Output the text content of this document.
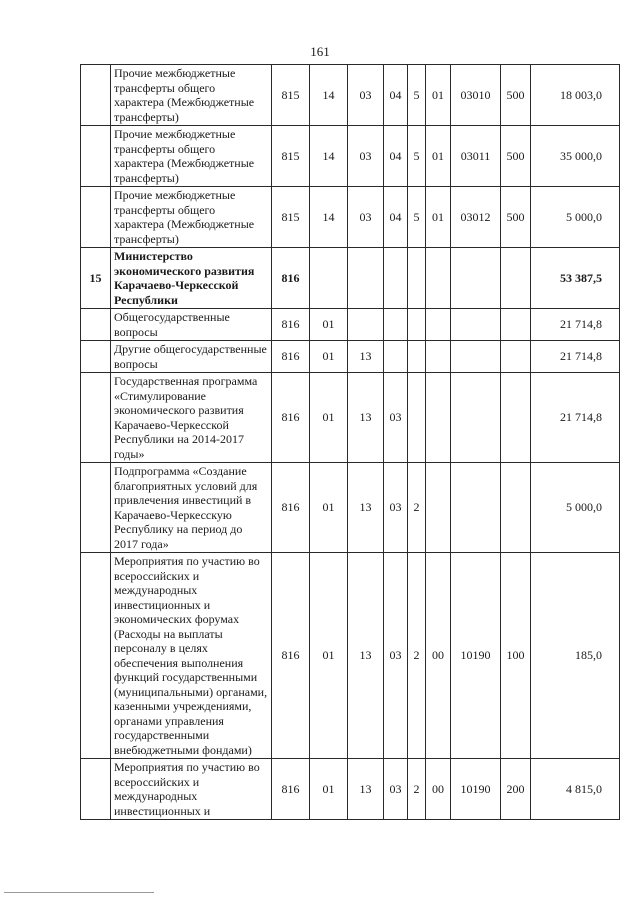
161
	Прочие межбюджетные трансферты общего характера (Межбюджетные трансферты)	815	14	03	04	5	01	03010	500	18 003,0
	Прочие межбюджетные трансферты общего характера (Межбюджетные трансферты)	815	14	03	04	5	01	03011	500	35 000,0
	Прочие межбюджетные трансферты общего характера (Межбюджетные трансферты)	815	14	03	04	5	01	03012	500	5 000,0
15	Министерство экономического развития Карачаево-Черкесской Республики	816								53 387,5
	Общегосударственные вопросы	816	01							21 714,8
	Другие общегосударственные вопросы	816	01	13						21 714,8
	Государственная программа «Стимулирование экономического развития Карачаево-Черкесской Республики на 2014-2017 годы»	816	01	13	03					21 714,8
	Подпрограмма «Создание благоприятных условий для привлечения инвестиций в Карачаево-Черкесскую Республику на период до 2017 года»	816	01	13	03	2				5 000,0
	Мероприятия по участию во всероссийских и международных инвестиционных и экономических форумах (Расходы на выплаты персоналу в целях обеспечения выполнения функций государственными (муниципальными) органами, казенными учреждениями, органами управления государственными внебюджетными фондами)	816	01	13	03	2	00	10190	100	185,0
	Мероприятия по участию во всероссийских и международных инвестиционных и	816	01	13	03	2	00	10190	200	4 815,0
